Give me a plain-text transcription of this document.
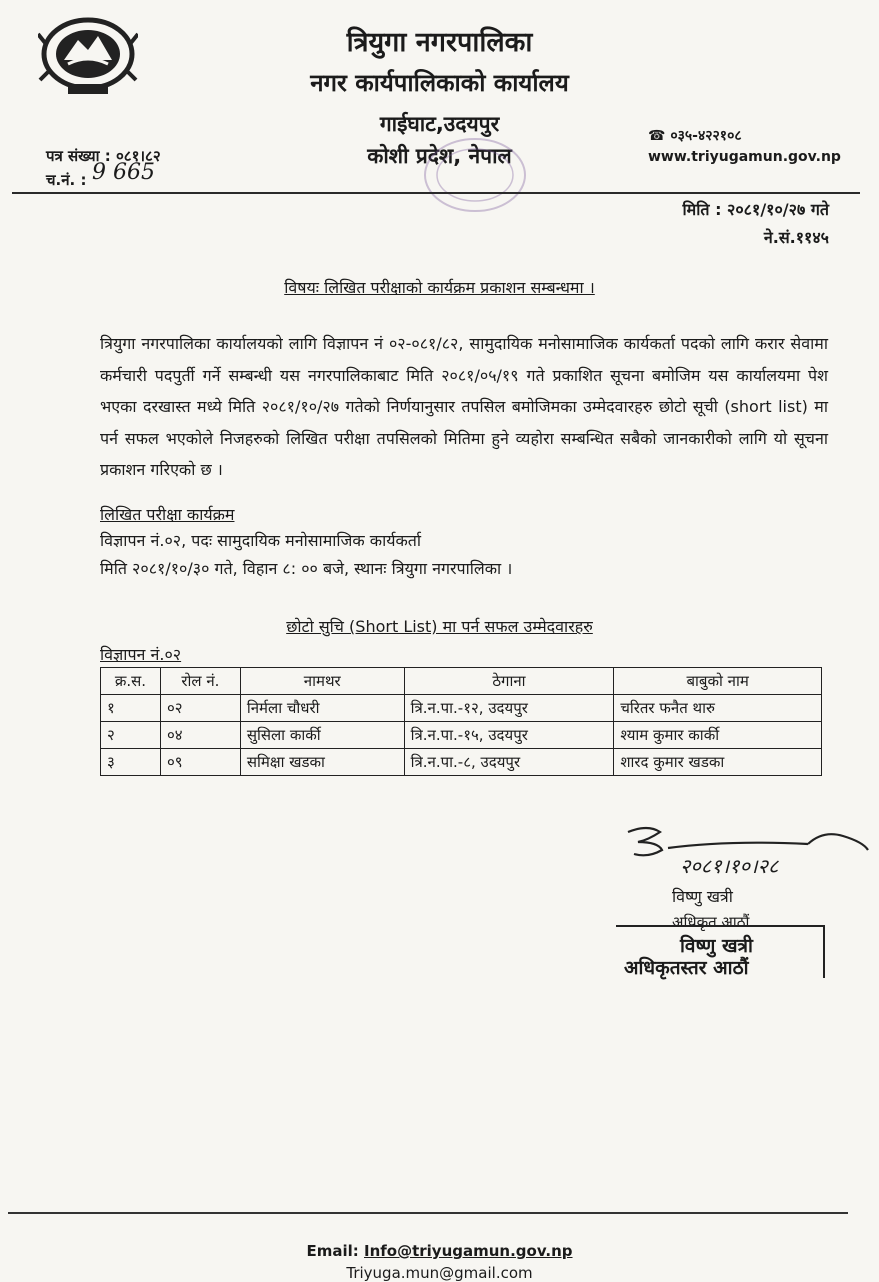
त्रियुगा नगरपालिका
नगर कार्यपालिकाको कार्यालय
गाईघाट,उदयपुर
कोशी प्रदेश, नेपाल
पत्र संख्या : ०८१।८२
च.नं. : 9 665
☎ ०३५-४२२१०८
www.triyugamun.gov.np
मिति : २०८१/१०/२७ गते
ने.सं.११४५
विषयः लिखित परीक्षाको कार्यक्रम प्रकाशन सम्बन्धमा ।
त्रियुगा नगरपालिका कार्यालयको लागि विज्ञापन नं ०२-०८१/८२, सामुदायिक मनोसामाजिक कार्यकर्ता पदको लागि करार सेवामा कर्मचारी पदपुर्ती गर्ने सम्बन्धी यस नगरपालिकाबाट मिति २०८१/०५/१९ गते प्रकाशित सूचना बमोजिम यस कार्यालयमा पेश भएका दरखास्त मध्ये मिति २०८१/१०/२७ गतेको निर्णयानुसार तपसिल बमोजिमका उम्मेदवारहरु छोटो सूची (short list) मा पर्न सफल भएकोले निजहरुको लिखित परीक्षा तपसिलको मितिमा हुने व्यहोरा सम्बन्धित सबैको जानकारीको लागि यो सूचना प्रकाशन गरिएको छ ।
लिखित परीक्षा कार्यक्रम
विज्ञापन नं.०२, पदः सामुदायिक मनोसामाजिक कार्यकर्ता
मिति २०८१/१०/३० गते, विहान ८: ०० बजे, स्थानः त्रियुगा नगरपालिका ।
छोटो सुचि (Short List) मा पर्न सफल उम्मेदवारहरु
विज्ञापन नं.०२
क्र.स.	रोल नं.	नामथर	ठेगाना	बाबुको नाम
१	०२	निर्मला चौधरी	त्रि.न.पा.-१२, उदयपुर	चरितर फनैत थारु
२	०४	सुसिला कार्की	त्रि.न.पा.-१५, उदयपुर	श्याम कुमार कार्की
३	०९	समिक्षा खडका	त्रि.न.पा.-८, उदयपुर	शारद कुमार खडका
२०८१।१०।२८
विष्णु खत्री
अधिकृत आठौं
विष्णु खत्री
अधिकृतस्तर आठौं
Email: Info@triyugamun.gov.np
Triyuga.mun@gmail.com
